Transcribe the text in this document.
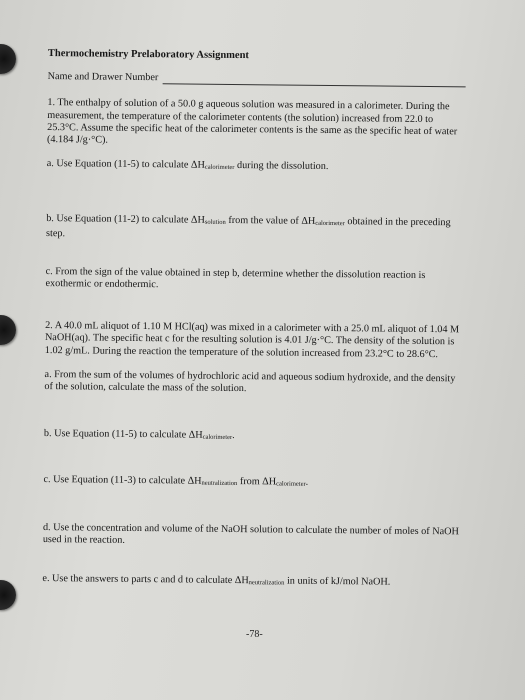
Thermochemistry Prelaboratory Assignment
Name and Drawer Number
1. The enthalpy of solution of a 50.0 g aqueous solution was measured in a calorimeter. During the measurement, the temperature of the calorimeter contents (the solution) increased from 22.0 to 25.3°C. Assume the specific heat of the calorimeter contents is the same as the specific heat of water (4.184 J/g·°C).
a. Use Equation (11-5) to calculate ΔHcalorimeter during the dissolution.
b. Use Equation (11-2) to calculate ΔHsolution from the value of ΔHcalorimeter obtained in the preceding step.
c. From the sign of the value obtained in step b, determine whether the dissolution reaction is exothermic or endothermic.
2. A 40.0 mL aliquot of 1.10 M HCl(aq) was mixed in a calorimeter with a 25.0 mL aliquot of 1.04 M NaOH(aq). The specific heat c for the resulting solution is 4.01 J/g·°C. The density of the solution is 1.02 g/mL. During the reaction the temperature of the solution increased from 23.2°C to 28.6°C.
a. From the sum of the volumes of hydrochloric acid and aqueous sodium hydroxide, and the density of the solution, calculate the mass of the solution.
b. Use Equation (11-5) to calculate ΔHcalorimeter.
c. Use Equation (11-3) to calculate ΔHneutralization from ΔHcalorimeter.
d. Use the concentration and volume of the NaOH solution to calculate the number of moles of NaOH used in the reaction.
e. Use the answers to parts c and d to calculate ΔHneutralization in units of kJ/mol NaOH.
-78-
